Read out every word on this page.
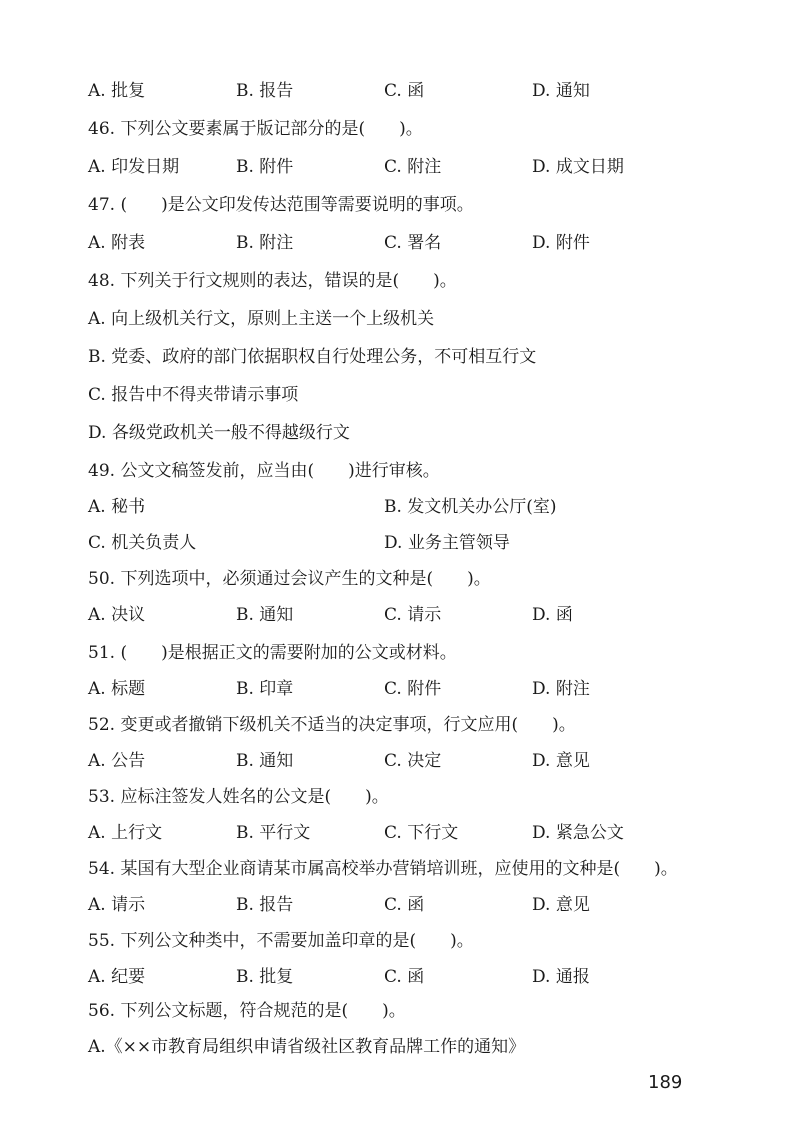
A. 批复	B. 报告	C. 函	D. 通知
46. 下列公文要素属于版记部分的是(　　)。
A. 印发日期	B. 附件	C. 附注	D. 成文日期
47. (　　)是公文印发传达范围等需要说明的事项。
A. 附表	B. 附注	C. 署名	D. 附件
48. 下列关于行文规则的表达，错误的是(　　)。
A. 向上级机关行文，原则上主送一个上级机关
B. 党委、政府的部门依据职权自行处理公务，不可相互行文
C. 报告中不得夹带请示事项
D. 各级党政机关一般不得越级行文
49. 公文文稿签发前，应当由(　　)进行审核。
A. 秘书	B. 发文机关办公厅(室)
C. 机关负责人	D. 业务主管领导
50. 下列选项中，必须通过会议产生的文种是(　　)。
A. 决议	B. 通知	C. 请示	D. 函
51. (　　)是根据正文的需要附加的公文或材料。
A. 标题	B. 印章	C. 附件	D. 附注
52. 变更或者撤销下级机关不适当的决定事项，行文应用(　　)。
A. 公告	B. 通知	C. 决定	D. 意见
53. 应标注签发人姓名的公文是(　　)。
A. 上行文	B. 平行文	C. 下行文	D. 紧急公文
54. 某国有大型企业商请某市属高校举办营销培训班，应使用的文种是(　　)。
A. 请示	B. 报告	C. 函	D. 意见
55. 下列公文种类中，不需要加盖印章的是(　　)。
A. 纪要	B. 批复	C. 函	D. 通报
56. 下列公文标题，符合规范的是(　　)。
A.《××市教育局组织申请省级社区教育品牌工作的通知》
189
